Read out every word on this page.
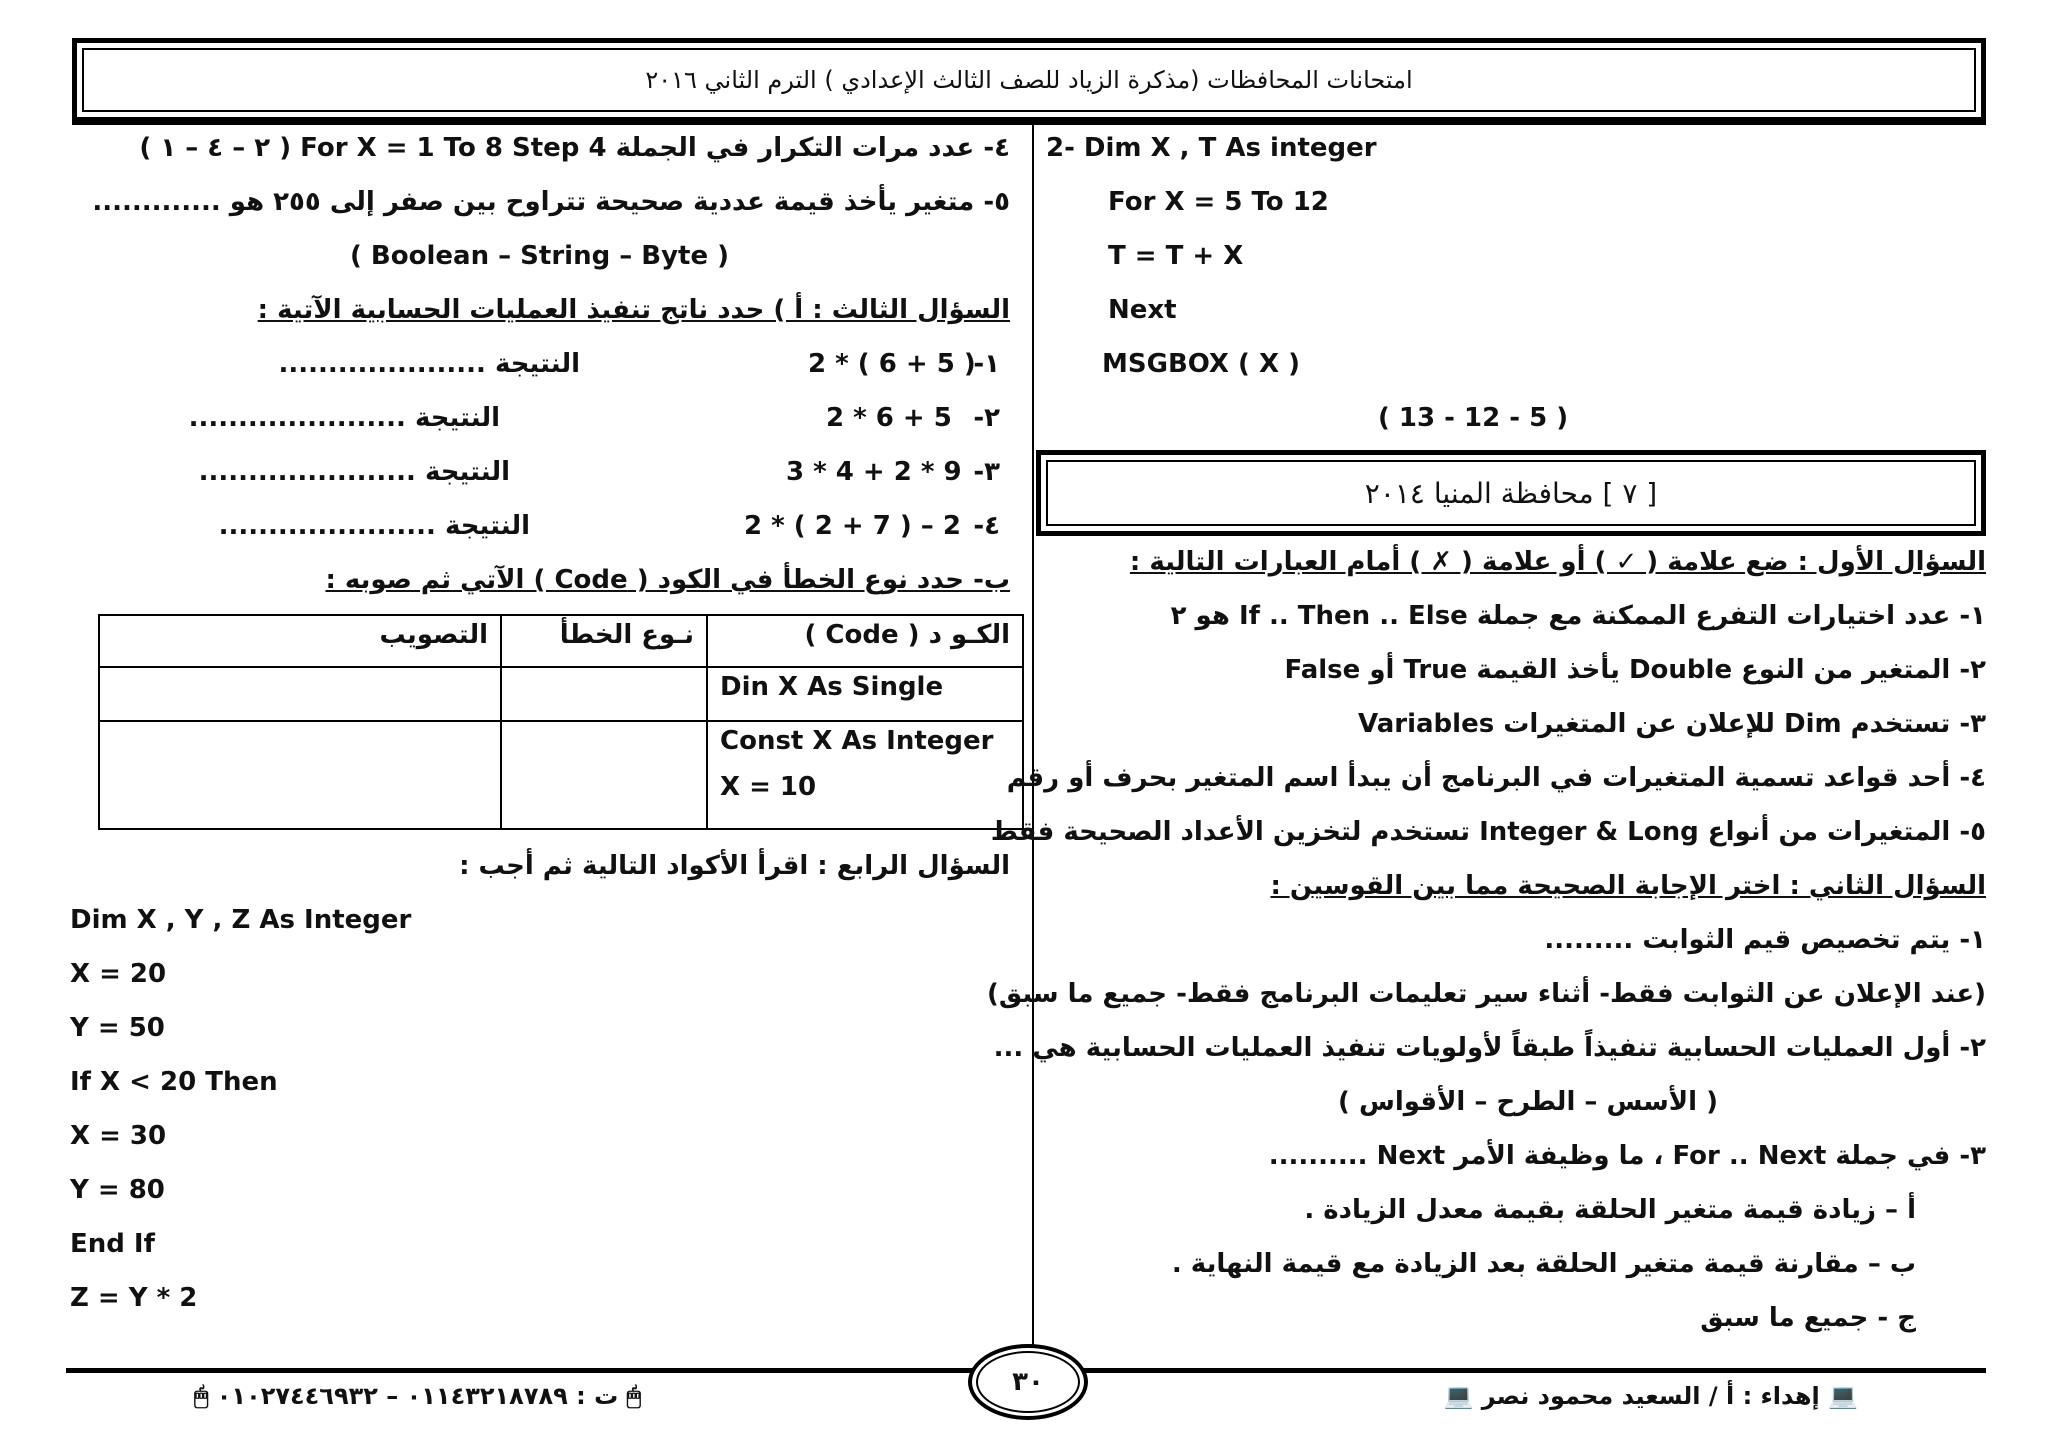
امتحانات المحافظات (مذكرة الزياد للصف الثالث الإعدادي ) الترم الثاني ٢٠١٦
٤- عدد مرات التكرار في الجملة For X = 1 To 8 Step 4 ( ٢ – ٤ – ١ )
٥- متغير يأخذ قيمة عددية صحيحة تتراوح بين صفر إلى ٢٥٥ هو .............
( Boolean – String – Byte )
السؤال الثالث : أ ) حدد ناتج تنفيذ العمليات الحسابية الآتية :
١-
2 * ( 6 + 5 )
النتيجة .....................
٢-
2 * 6 + 5
النتيجة ......................
٣-
3 * 4 + 2 * 9
النتيجة ......................
٤-
2 * ( 2 + 7 ) – 2
النتيجة ......................
ب- حدد نوع الخطأ في الكود ( Code ) الآتي ثم صوبه :
الكـو د ( Code )	نـوع الخطأ	التصويب
Din X As Single		

Const X As Integer
X = 10		

السؤال الرابع : اقرأ الأكواد التالية ثم أجب :
Dim X , Y , Z As Integer
X = 20
Y = 50
If X < 20 Then
X = 30
Y = 80
End If
Z = Y * 2
2- Dim X , T As integer
For X = 5 To 12
T = T + X
Next
MSGBOX ( X )
( 13 - 12 - 5 )
[ ٧ ] محافظة المنيا ٢٠١٤
السؤال الأول : ضع علامة ( ✓ ) أو علامة ( ✗ ) أمام العبارات التالية :
١- عدد اختيارات التفرع الممكنة مع جملة If .. Then .. Else هو ٢
٢- المتغير من النوع Double يأخذ القيمة True أو False
٣- تستخدم Dim للإعلان عن المتغيرات Variables
٤- أحد قواعد تسمية المتغيرات في البرنامج أن يبدأ اسم المتغير بحرف أو رقم
٥- المتغيرات من أنواع Integer & Long تستخدم لتخزين الأعداد الصحيحة فقط
السؤال الثاني : اختر الإجابة الصحيحة مما بين القوسين :
١- يتم تخصيص قيم الثوابت .........
(عند الإعلان عن الثوابت فقط- أثناء سير تعليمات البرنامج فقط- جميع ما سبق)
٢- أول العمليات الحسابية تنفيذاً طبقاً لأولويات تنفيذ العمليات الحسابية هي ...
( الأسس – الطرح – الأقواس )
٣- في جملة For .. Next ، ما وظيفة الأمر Next ..........
أ – زيادة قيمة متغير الحلقة بقيمة معدل الزيادة .
ب – مقارنة قيمة متغير الحلقة بعد الزيادة مع قيمة النهاية .
ج - جميع ما سبق
٣٠
🖱 ت : ٠١١٤٣٢١٨٧٨٩ – ٠١٠٢٧٤٤٦٩٣٢ 🖱	💻 إهداء : أ / السعيد محمود نصر 💻
